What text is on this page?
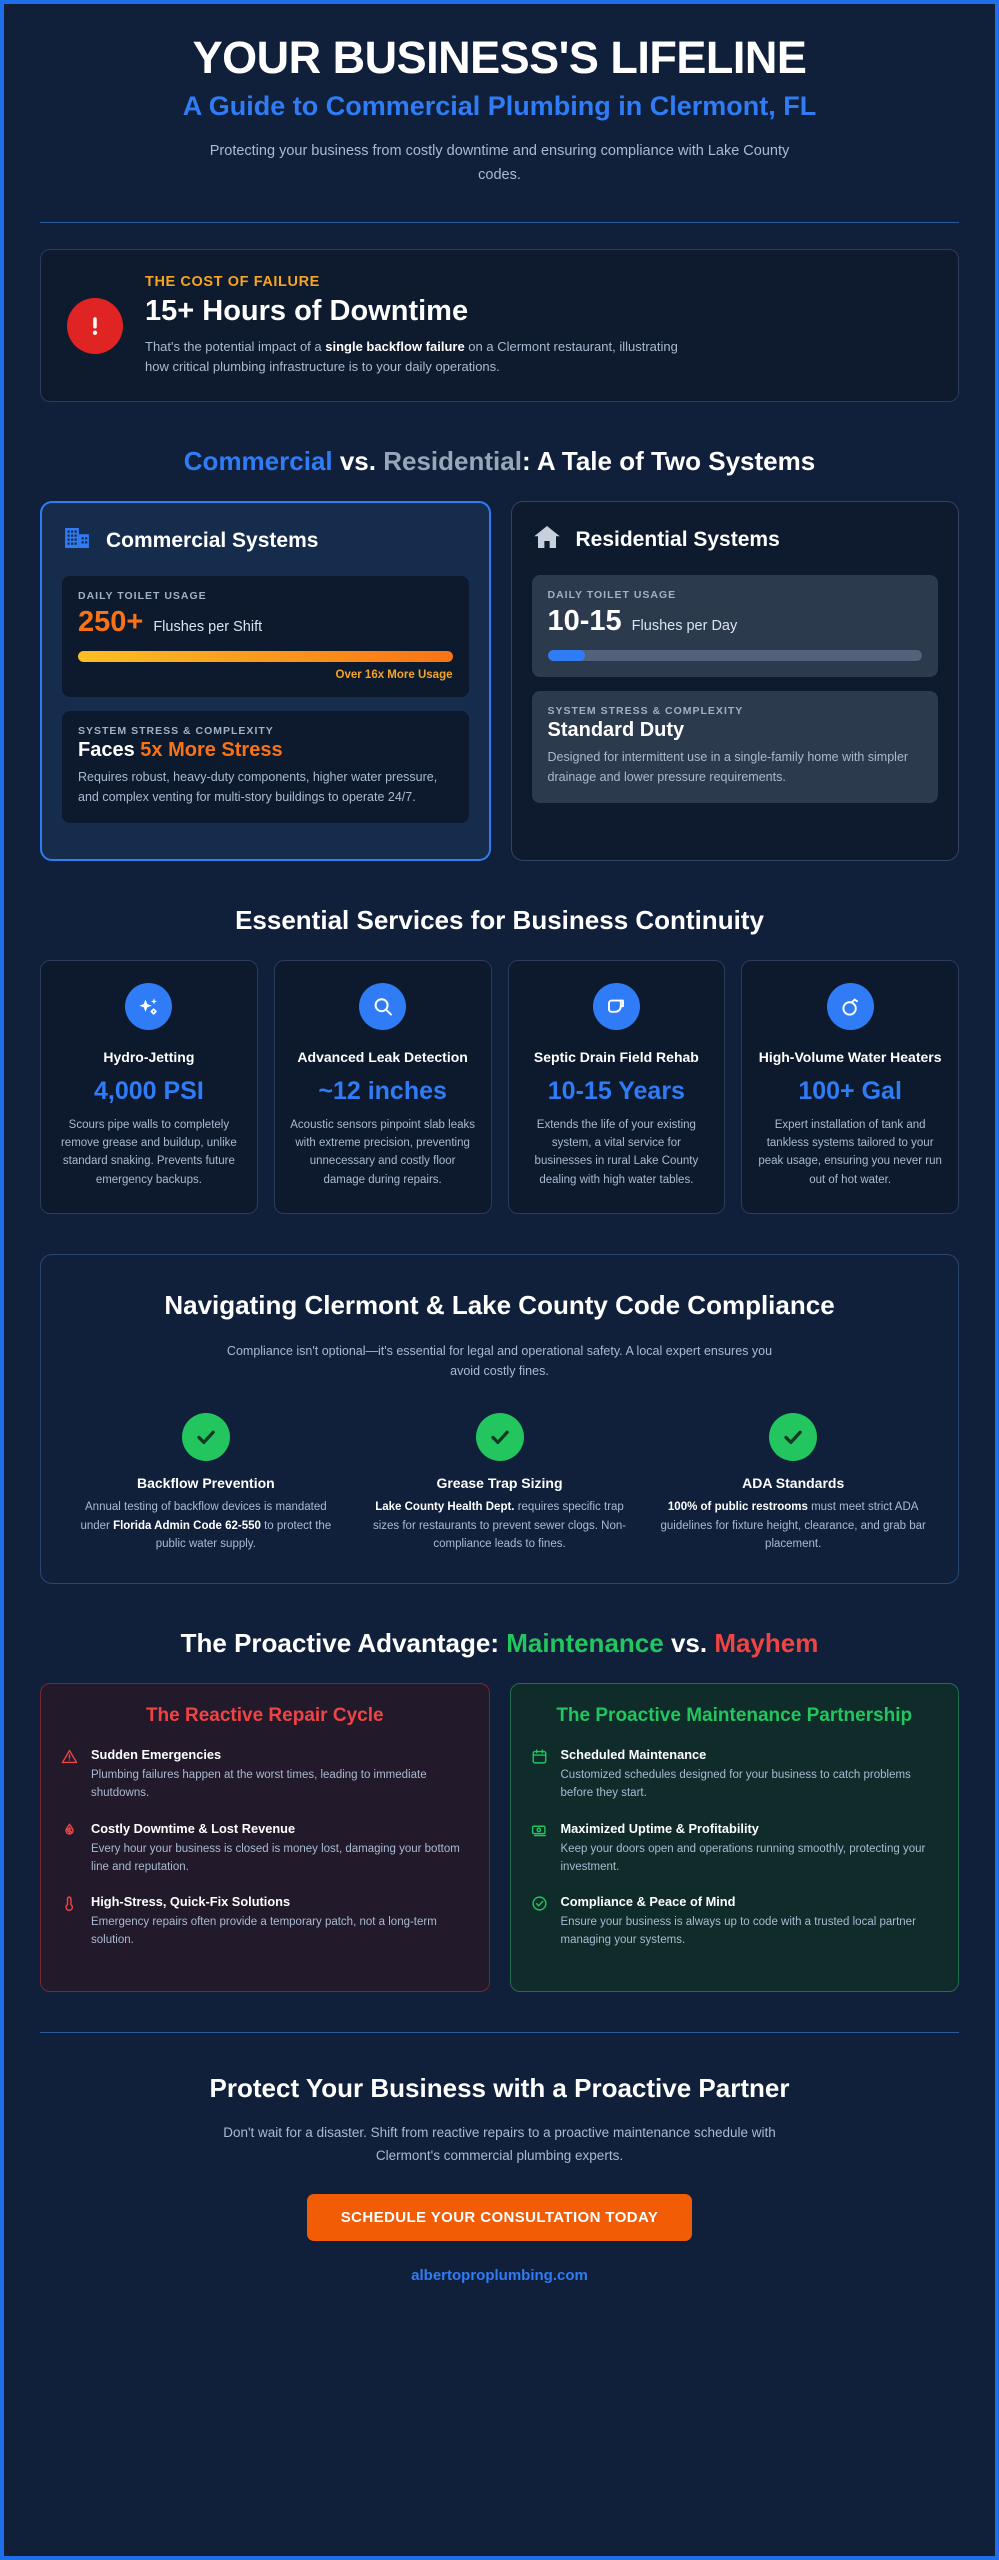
YOUR BUSINESS'S LIFELINE
A Guide to Commercial Plumbing in Clermont, FL

Protecting your business from costly downtime and ensuring compliance with Lake County codes.

THE COST OF FAILURE
15+ Hours of Downtime
That's the potential impact of a single backflow failure on a Clermont restaurant, illustrating how critical plumbing infrastructure is to your daily operations.
Commercial vs. Residential: A Tale of Two Systems
Commercial Systems
DAILY TOILET USAGE
250+ Flushes per Shift
Over 16x More Usage
SYSTEM STRESS & COMPLEXITY
Faces 5x More Stress
Requires robust, heavy-duty components, higher water pressure, and complex venting for multi-story buildings to operate 24/7.
Residential Systems
DAILY TOILET USAGE
10-15 Flushes per Day
SYSTEM STRESS & COMPLEXITY
Standard Duty
Designed for intermittent use in a single-family home with simpler drainage and lower pressure requirements.
Essential Services for Business Continuity
Hydro-Jetting
4,000 PSI
Scours pipe walls to completely remove grease and buildup, unlike standard snaking. Prevents future emergency backups.
Advanced Leak Detection
~12 inches
Acoustic sensors pinpoint slab leaks with extreme precision, preventing unnecessary and costly floor damage during repairs.
Septic Drain Field Rehab
10-15 Years
Extends the life of your existing system, a vital service for businesses in rural Lake County dealing with high water tables.
High-Volume Water Heaters
100+ Gal
Expert installation of tank and tankless systems tailored to your peak usage, ensuring you never run out of hot water.
Navigating Clermont & Lake County Code Compliance
Compliance isn't optional—it's essential for legal and operational safety. A local expert ensures you avoid costly fines.
Backflow Prevention
Annual testing of backflow devices is mandated under Florida Admin Code 62-550 to protect the public water supply.
Grease Trap Sizing
Lake County Health Dept. requires specific trap sizes for restaurants to prevent sewer clogs. Non-compliance leads to fines.
ADA Standards
100% of public restrooms must meet strict ADA guidelines for fixture height, clearance, and grab bar placement.
The Proactive Advantage: Maintenance vs. Mayhem
The Reactive Repair Cycle
Sudden Emergencies
Plumbing failures happen at the worst times, leading to immediate shutdowns.
Costly Downtime & Lost Revenue
Every hour your business is closed is money lost, damaging your bottom line and reputation.
High-Stress, Quick-Fix Solutions
Emergency repairs often provide a temporary patch, not a long-term solution.
The Proactive Maintenance Partnership
Scheduled Maintenance
Customized schedules designed for your business to catch problems before they start.
Maximized Uptime & Profitability
Keep your doors open and operations running smoothly, protecting your investment.
Compliance & Peace of Mind
Ensure your business is always up to code with a trusted local partner managing your systems.
Protect Your Business with a Proactive Partner

Don't wait for a disaster. Shift from reactive repairs to a proactive maintenance schedule with Clermont's commercial plumbing experts.

SCHEDULE YOUR CONSULTATION TODAY
albertoproplumbing.com
